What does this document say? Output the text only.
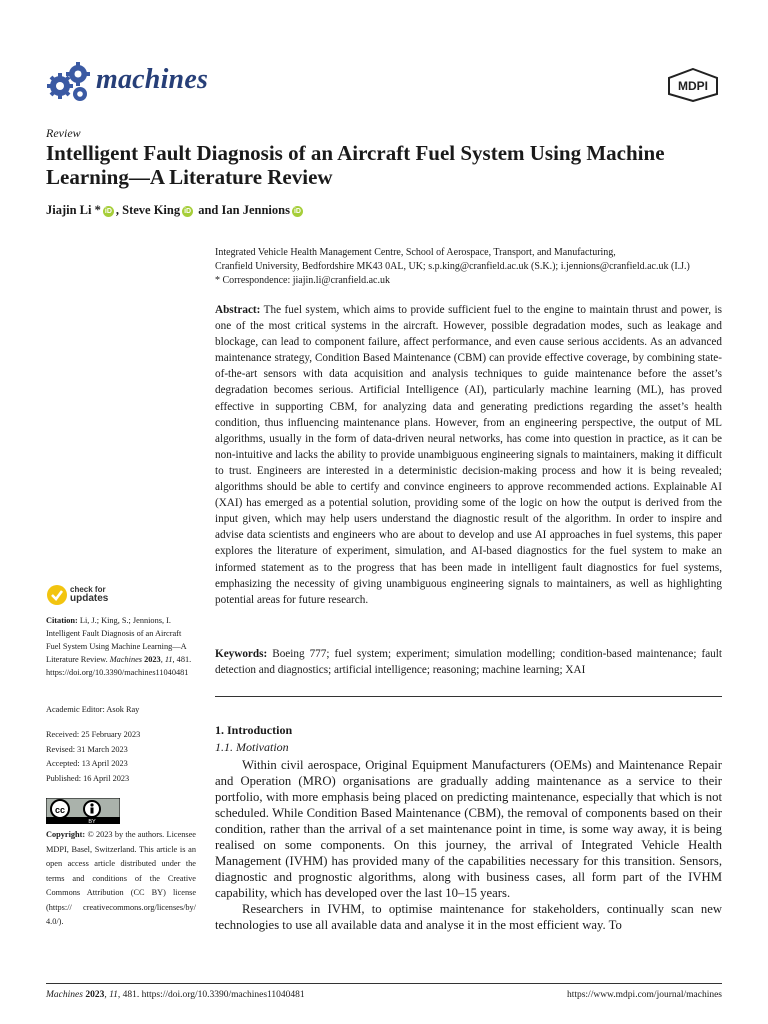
machines	MDPI
Review
Intelligent Fault Diagnosis of an Aircraft Fuel System Using Machine Learning—A Literature Review
Jiajin Li * iD , Steve King iD and Ian Jennions iD
Integrated Vehicle Health Management Centre, School of Aerospace, Transport, and Manufacturing,
Cranfield University, Bedfordshire MK43 0AL, UK; s.p.king@cranfield.ac.uk (S.K.); i.jennions@cranfield.ac.uk (I.J.)
* Correspondence: jiajin.li@cranfield.ac.uk
Abstract: The fuel system, which aims to provide sufficient fuel to the engine to maintain thrust and power, is one of the most critical systems in the aircraft. However, possible degradation modes, such as leakage and blockage, can lead to component failure, affect performance, and even cause serious accidents. As an advanced maintenance strategy, Condition Based Maintenance (CBM) can provide effective coverage, by combining state-of-the-art sensors with data acquisition and analysis techniques to guide maintenance before the asset’s degradation becomes serious. Artificial Intelligence (AI), particularly machine learning (ML), has proved effective in supporting CBM, for analyzing data and generating predictions regarding the asset’s health condition, thus influencing maintenance plans. However, from an engineering perspective, the output of ML algorithms, usually in the form of data-driven neural networks, has come into question in practice, as it can be non-intuitive and lacks the ability to provide unambiguous engineering signals to maintainers, making it difficult to trust. Engineers are interested in a deterministic decision-making process and how it is being revealed; algorithms should be able to certify and convince engineers to approve recommended actions. Explainable AI (XAI) has emerged as a potential solution, providing some of the logic on how the output is derived from the input given, which may help users understand the diagnostic result of the algorithm. In order to inspire and advise data scientists and engineers who are about to develop and use AI approaches in fuel systems, this paper explores the literature of experiment, simulation, and AI-based diagnostics for the fuel system to make an informed statement as to the progress that has been made in intelligent fault diagnostics for fuel systems, emphasizing the necessity of giving unambiguous engineering signals to maintainers, as well as highlighting potential areas for future research.
Keywords: Boeing 777; fuel system; experiment; simulation modelling; condition-based maintenance; fault detection and diagnostics; artificial intelligence; reasoning; machine learning; XAI
check for
updates
Citation: Li, J.; King, S.; Jennions, I. Intelligent Fault Diagnosis of an Aircraft Fuel System Using Machine Learning—A Literature Review. Machines 2023, 11, 481. https://doi.org/10.3390/machines11040481
Academic Editor: Asok Ray
Received: 25 February 2023
Revised: 31 March 2023
Accepted: 13 April 2023
Published: 16 April 2023
cc
BY
Copyright: © 2023 by the authors. Licensee MDPI, Basel, Switzerland. This article is an open access article distributed under the terms and conditions of the Creative Commons Attribution (CC BY) license (https:// creativecommons.org/licenses/by/ 4.0/).
1. Introduction
1.1. Motivation

Within civil aerospace, Original Equipment Manufacturers (OEMs) and Maintenance Repair and Operation (MRO) organisations are gradually adding maintenance as a service to their portfolio, with more emphasis being placed on predicting maintenance, especially that which is not scheduled. While Condition Based Maintenance (CBM), the removal of components based on their condition, rather than the arrival of a set maintenance point in time, is some way away, it is being realised on some components. On this journey, the arrival of Integrated Vehicle Health Management (IVHM) has provided many of the capabilities necessary for this transition. Sensors, diagnostic and prognostic algorithms, along with business cases, all form part of the IVHM capability, which has developed over the last 10–15 years.

Researchers in IVHM, to optimise maintenance for stakeholders, continually scan new technologies to use all available data and analyse it in the most efficient way. To

Machines 2023, 11, 481. https://doi.org/10.3390/machines11040481	https://www.mdpi.com/journal/machines
